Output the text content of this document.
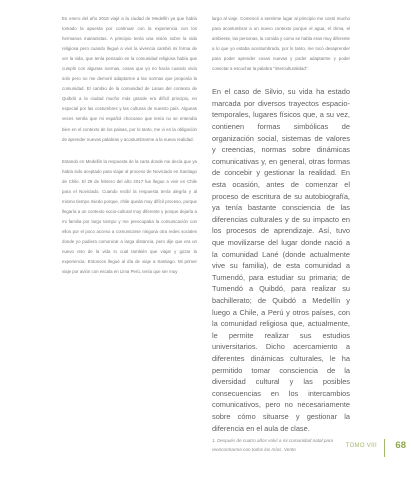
En enero del año 2018 viajé a la ciudad de Medellín ya que había tomado la apuesta por continuar con la experiencia con los hermanos marianistas. A principio tenía una visión sobre la vida religiosa pero cuando llegué a vivir la vivencia cambió mi forma de ver la vida, que tenía pensado en la comunidad religiosa había que cumplir con algunas normas, cosas que yo no hacía cuando vivía solo pero no me demoré adaptarme a las normas que proponía la comunidad. El cambio de la comunidad de Lanas del contexto de Quibdó a la ciudad mucho más grande era difícil principio, en especial por las costumbres y las culturas de nuestro país. Algunas veces sentía que mi español chocoano que tenía no se entendía bien en el contexto de los paisas, por lo tanto, me vi en la obligación de aprender nuevas palabras y acostumbrarme a la nueva realidad.

Estando en Medellín la respuesta de la carta donde me decía que ya había sido aceptado para viajar al proceso de Noviciado en Santiago de Chile. El 29 de febrero del año 2017 fue llegue a vivir en Chile para el Noviciado. Cuando recibí la respuesta tenía alegría y al mismo tiempo miedo porque, chile queda muy difícil proceso, porque llegaría a un contexto socio-cultural muy diferente y porque dejaría a mi familia por largo tiempo y me preocupaba la comunicación con ellos por el poco acceso a comunicarse ninguna otra redes sociales donde yo pudiera comunicar a larga distancia, pero dije que era un nuevo reto de la vida lo cual también que viajar y gozar la experiencia. Entonces llegué al día de viaje a Santiago. Mi primer viaje por avión con escala en Lima Perú, tenía que ser muy

largo al viaje. Comencé a sentirme lugar al principio me costó mucho para acostumbrar a un nuevo contexto porque el agua, el clima, el ambiente, las personas, la comida y como se habla eran muy diferente a lo que yo estaba acostumbrado, por lo tanto, me tocó desaprender para poder aprender cosas nuevas y poder adaptarme y poder conectar a escuchar la palabra "interculturalidad".

En el caso de Silvio, su vida ha estado marcada por diversos trayectos espacio-temporales, lugares físicos que, a su vez, contienen formas simbólicas de organización social, sistemas de valores y creencias, normas sobre dinámicas comunicativas y, en general, otras formas de concebir y gestionar la realidad. En esta ocasión, antes de comenzar el proceso de escritura de su autobiografía, ya tenía bastante consciencia de las diferencias culturales y de su impacto en los procesos de aprendizaje. Así, tuvo que movilizarse del lugar donde nació a la comunidad Lané (donde actualmente vive su familia), de esta comunidad a Tumendó, para estudiar su primaria; de Tumendó a Quibdó, para realizar su bachillerato; de Quibdó a Medellín y luego a Chile, a Perú y otros países, con la comunidad religiosa que, actualmente, le permite realizar sus estudios universitarios. Dicho acercamiento a diferentes dinámicas culturales, le ha permitido tomar consciencia de la diversidad cultural y las posibles consecuencias en los intercambios comunicativos, pero no necesariamente sobre cómo situarse y gestionar la diferencia en el aula de clase.

1. Después de cuatro años volví a mi comunidad natal para reencontrarme con todos los míos. Vento

TOMO VIII 68
